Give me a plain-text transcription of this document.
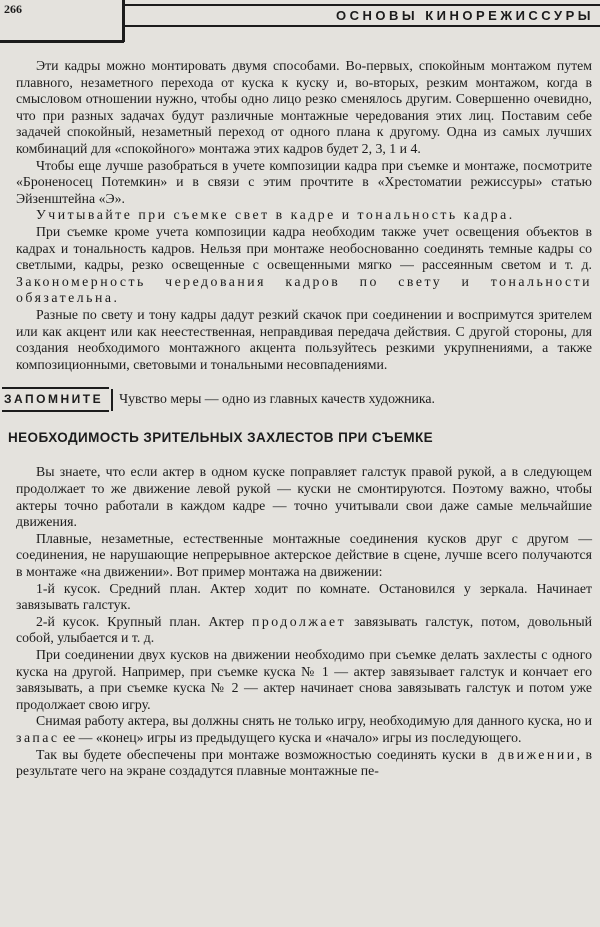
266	ОСНОВЫ КИНОРЕЖИССУРЫ

Эти кадры можно монтировать двумя способами. Во-первых, спокойным монтажом путем плавного, незаметного перехода от куска к куску и, во-вторых, резким монтажом, когда в смысловом отношении нужно, чтобы одно лицо резко сменялось другим. Совершенно очевидно, что при разных задачах будут различные монтажные чередования этих лиц. Поставим себе задачей спокойный, незаметный переход от одного плана к другому. Одна из самых лучших комбинаций для «спокойного» монтажа этих кадров будет 2, 3, 1 и 4.

Чтобы еще лучше разобраться в учете композиции кадра при съемке и монтаже, посмотрите «Броненосец Потемкин» и в связи с этим прочтите в «Хрестоматии режиссуры» статью Эйзенштейна «Э».

Учитывайте при съемке свет в кадре и тональность кадра.

При съемке кроме учета композиции кадра необходим также учет освещения объектов в кадрах и тональность кадров. Нельзя при монтаже необоснованно соединять темные кадры со светлыми, кадры, резко освещенные с освещенными мягко — рассеянным светом и т. д. Закономерность чередования кадров по свету и тональности обязательна.

Разные по свету и тону кадры дадут резкий скачок при соединении и воспримутся зрителем или как акцент или как неестественная, неправдивая передача действия. С другой стороны, для создания необходимого монтажного акцента пользуйтесь резкими укрупнениями, а также композиционными, световыми и тональными несовпадениями.

ЗАПОМНИТЕ	Чувство меры — одно из главных качеств художника.
НЕОБХОДИМОСТЬ ЗРИТЕЛЬНЫХ ЗАХЛЕСТОВ ПРИ СЪЕМКЕ

Вы знаете, что если актер в одном куске поправляет галстук правой рукой, а в следующем продолжает то же движение левой рукой — куски не смонтируются. Поэтому важно, чтобы актеры точно работали в каждом кадре — точно учитывали свои даже самые мельчайшие движения.

Плавные, незаметные, естественные монтажные соединения кусков друг с другом — соединения, не нарушающие непрерывное актерское действие в сцене, лучше всего получаются в монтаже «на движении». Вот пример монтажа на движении:

1-й кусок. Средний план. Актер ходит по комнате. Остановился у зеркала. Начинает завязывать галстук.

2-й кусок. Крупный план. Актер продолжает завязывать галстук, потом, довольный собой, улыбается и т. д.

При соединении двух кусков на движении необходимо при съемке делать захлесты с одного куска на другой. Например, при съемке куска № 1 — актер завязывает галстук и кончает его завязывать, а при съемке куска № 2 — актер начинает снова завязывать галстук и потом уже продолжает свою игру.

Снимая работу актера, вы должны снять не только игру, необходимую для данного куска, но и запас ее — «конец» игры из предыдущего куска и «начало» игры из последующего.

Так вы будете обеспечены при монтаже возможностью соединять куски в движении, в результате чего на экране создадутся плавные монтажные пе-
